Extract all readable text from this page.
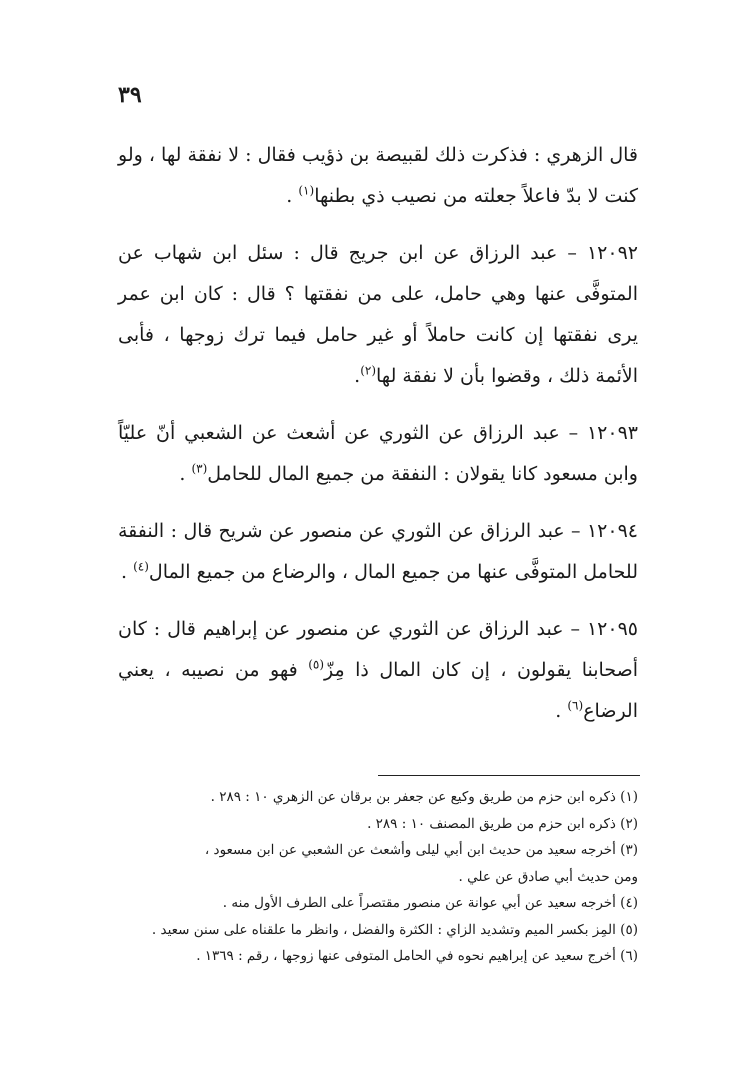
٣٩

قال الزهري : فذكرت ذلك لقبيصة بن ذؤيب فقال : لا نفقة لها ، ولو كنت لا بدّ فاعلاً جعلته من نصيب ذي بطنها$^{(١)}$ .

١٢٠٩٢ – عبد الرزاق عن ابن جريج قال : سئل ابن شهاب عن المتوفَّى عنها وهي حامل، على من نفقتها ؟ قال : كان ابن عمر يرى نفقتها إن كانت حاملاً أو غير حامل فيما ترك زوجها ، فأبى الأئمة ذلك ، وقضوا بأن لا نفقة لها$^{(٢)}$.

١٢٠٩٣ – عبد الرزاق عن الثوري عن أشعث عن الشعبي أنّ عليّاً وابن مسعود كانا يقولان : النفقة من جميع المال للحامل$^{(٣)}$ .

١٢٠٩٤ – عبد الرزاق عن الثوري عن منصور عن شريح قال : النفقة للحامل المتوفَّى عنها من جميع المال ، والرضاع من جميع المال$^{(٤)}$ .

١٢٠٩٥ – عبد الرزاق عن الثوري عن منصور عن إبراهيم قال : كان أصحابنا يقولون ، إن كان المال ذا مِزّ$^{(٥)}$ فهو من نصيبه ، يعني الرضاع$^{(٦)}$ .

(١) ذكره ابن حزم من طريق وكيع عن جعفر بن برقان عن الزهري ١٠ : ٢٨٩ .

(٢) ذكره ابن حزم من طريق المصنف ١٠ : ٢٨٩ .

(٣) أخرجه سعيد من حديث ابن أبي ليلى وأشعث عن الشعبي عن ابن مسعود ،

ومن حديث أبي صادق عن علي .

(٤) أخرجه سعيد عن أبي عوانة عن منصور مقتصراً على الطرف الأول منه .

(٥) المِز بكسر الميم وتشديد الزاي : الكثرة والفضل ، وانظر ما علقناه على سنن سعيد .

(٦) أخرج سعيد عن إبراهيم نحوه في الحامل المتوفى عنها زوجها ، رقم : ١٣٦٩ .
